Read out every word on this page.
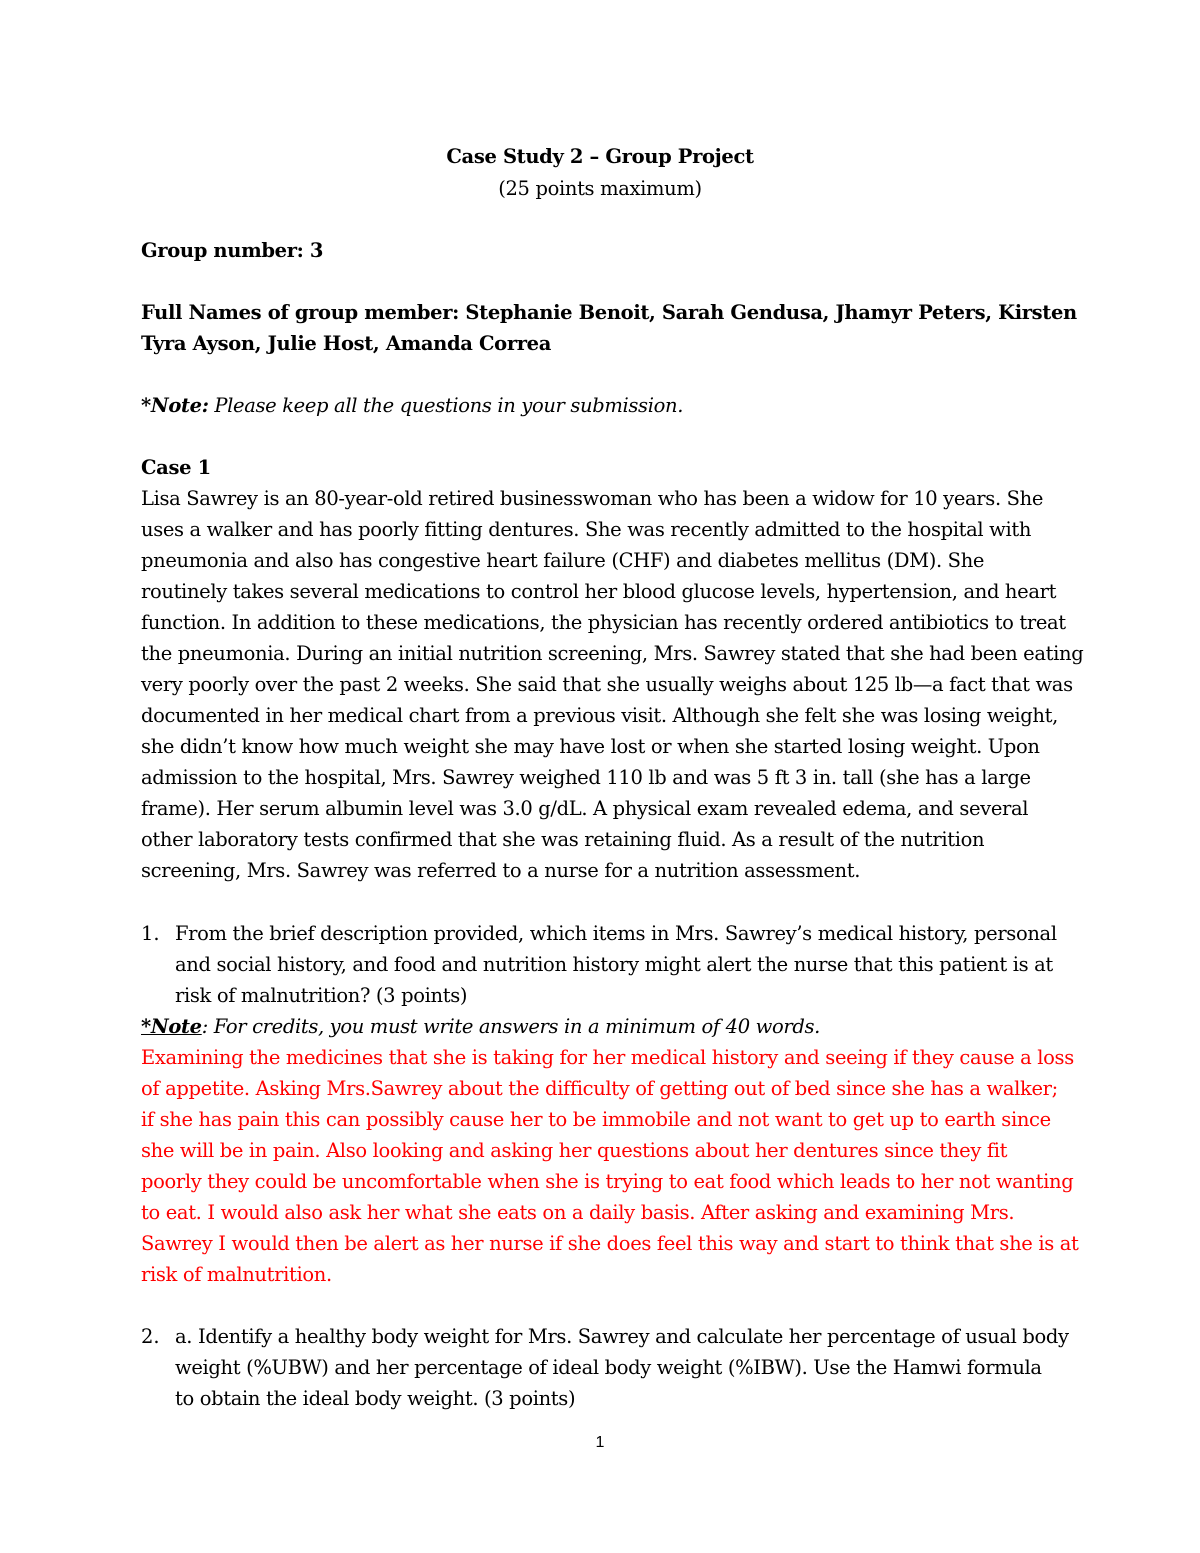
Case Study 2 – Group Project
(25 points maximum)
Group number: 3
Full Names of group member: Stephanie Benoit, Sarah Gendusa, Jhamyr Peters, Kirsten
Tyra Ayson, Julie Host, Amanda Correa
*Note: Please keep all the questions in your submission.
Case 1
Lisa Sawrey is an 80-year-old retired businesswoman who has been a widow for 10 years. She
uses a walker and has poorly fitting dentures. She was recently admitted to the hospital with
pneumonia and also has congestive heart failure (CHF) and diabetes mellitus (DM). She
routinely takes several medications to control her blood glucose levels, hypertension, and heart
function. In addition to these medications, the physician has recently ordered antibiotics to treat
the pneumonia. During an initial nutrition screening, Mrs. Sawrey stated that she had been eating
very poorly over the past 2 weeks. She said that she usually weighs about 125 lb—a fact that was
documented in her medical chart from a previous visit. Although she felt she was losing weight,
she didn’t know how much weight she may have lost or when she started losing weight. Upon
admission to the hospital, Mrs. Sawrey weighed 110 lb and was 5 ft 3 in. tall (she has a large
frame). Her serum albumin level was 3.0 g/dL. A physical exam revealed edema, and several
other laboratory tests confirmed that she was retaining fluid. As a result of the nutrition
screening, Mrs. Sawrey was referred to a nurse for a nutrition assessment.
1. From the brief description provided, which items in Mrs. Sawrey’s medical history, personal
and social history, and food and nutrition history might alert the nurse that this patient is at
risk of malnutrition? (3 points)
*Note: For credits, you must write answers in a minimum of 40 words.
Examining the medicines that she is taking for her medical history and seeing if they cause a loss
of appetite. Asking Mrs.Sawrey about the difficulty of getting out of bed since she has a walker;
if she has pain this can possibly cause her to be immobile and not want to get up to earth since
she will be in pain. Also looking and asking her questions about her dentures since they fit
poorly they could be uncomfortable when she is trying to eat food which leads to her not wanting
to eat. I would also ask her what she eats on a daily basis. After asking and examining Mrs.
Sawrey I would then be alert as her nurse if she does feel this way and start to think that she is at
risk of malnutrition.
2. a. Identify a healthy body weight for Mrs. Sawrey and calculate her percentage of usual body
weight (%UBW) and her percentage of ideal body weight (%IBW). Use the Hamwi formula
to obtain the ideal body weight. (3 points)
1
